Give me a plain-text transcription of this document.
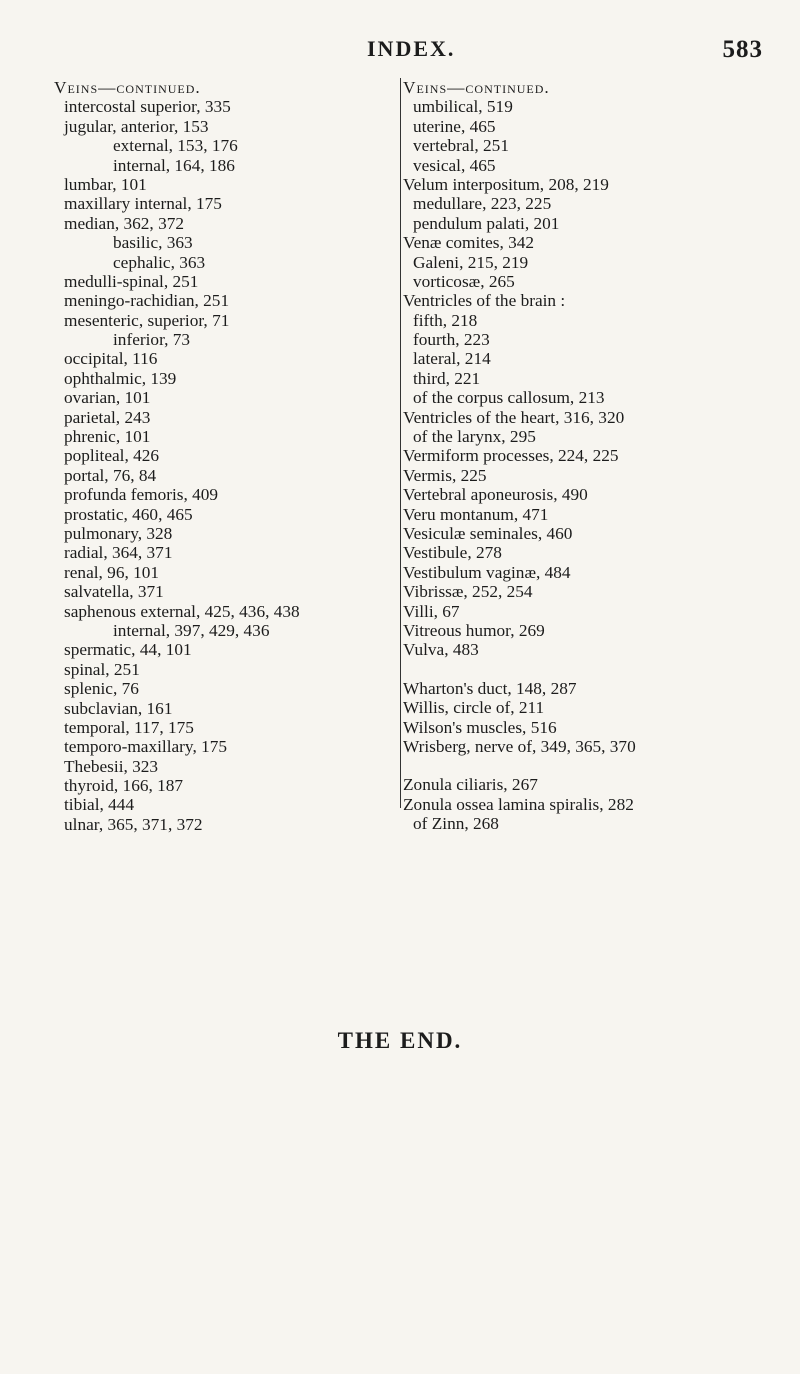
INDEX.	583
Veins—continued.
intercostal superior, 335
jugular, anterior, 153
external, 153, 176
internal, 164, 186
lumbar, 101
maxillary internal, 175
median, 362, 372
basilic, 363
cephalic, 363
medulli-spinal, 251
meningo-rachidian, 251
mesenteric, superior, 71
inferior, 73
occipital, 116
ophthalmic, 139
ovarian, 101
parietal, 243
phrenic, 101
popliteal, 426
portal, 76, 84
profunda femoris, 409
prostatic, 460, 465
pulmonary, 328
radial, 364, 371
renal, 96, 101
salvatella, 371
saphenous external, 425, 436, 438
internal, 397, 429, 436
spermatic, 44, 101
spinal, 251
splenic, 76
subclavian, 161
temporal, 117, 175
temporo-maxillary, 175
Thebesii, 323
thyroid, 166, 187
tibial, 444
ulnar, 365, 371, 372
Veins—continued.
umbilical, 519
uterine, 465
vertebral, 251
vesical, 465
Velum interpositum, 208, 219
medullare, 223, 225
pendulum palati, 201
Venæ comites, 342
Galeni, 215, 219
vorticosæ, 265
Ventricles of the brain :
fifth, 218
fourth, 223
lateral, 214
third, 221
of the corpus callosum, 213
Ventricles of the heart, 316, 320
of the larynx, 295
Vermiform processes, 224, 225
Vermis, 225
Vertebral aponeurosis, 490
Veru montanum, 471
Vesiculæ seminales, 460
Vestibule, 278
Vestibulum vaginæ, 484
Vibrissæ, 252, 254
Villi, 67
Vitreous humor, 269
Vulva, 483
Wharton's duct, 148, 287
Willis, circle of, 211
Wilson's muscles, 516
Wrisberg, nerve of, 349, 365, 370
Zonula ciliaris, 267
Zonula ossea lamina spiralis, 282
of Zinn, 268
THE END.
